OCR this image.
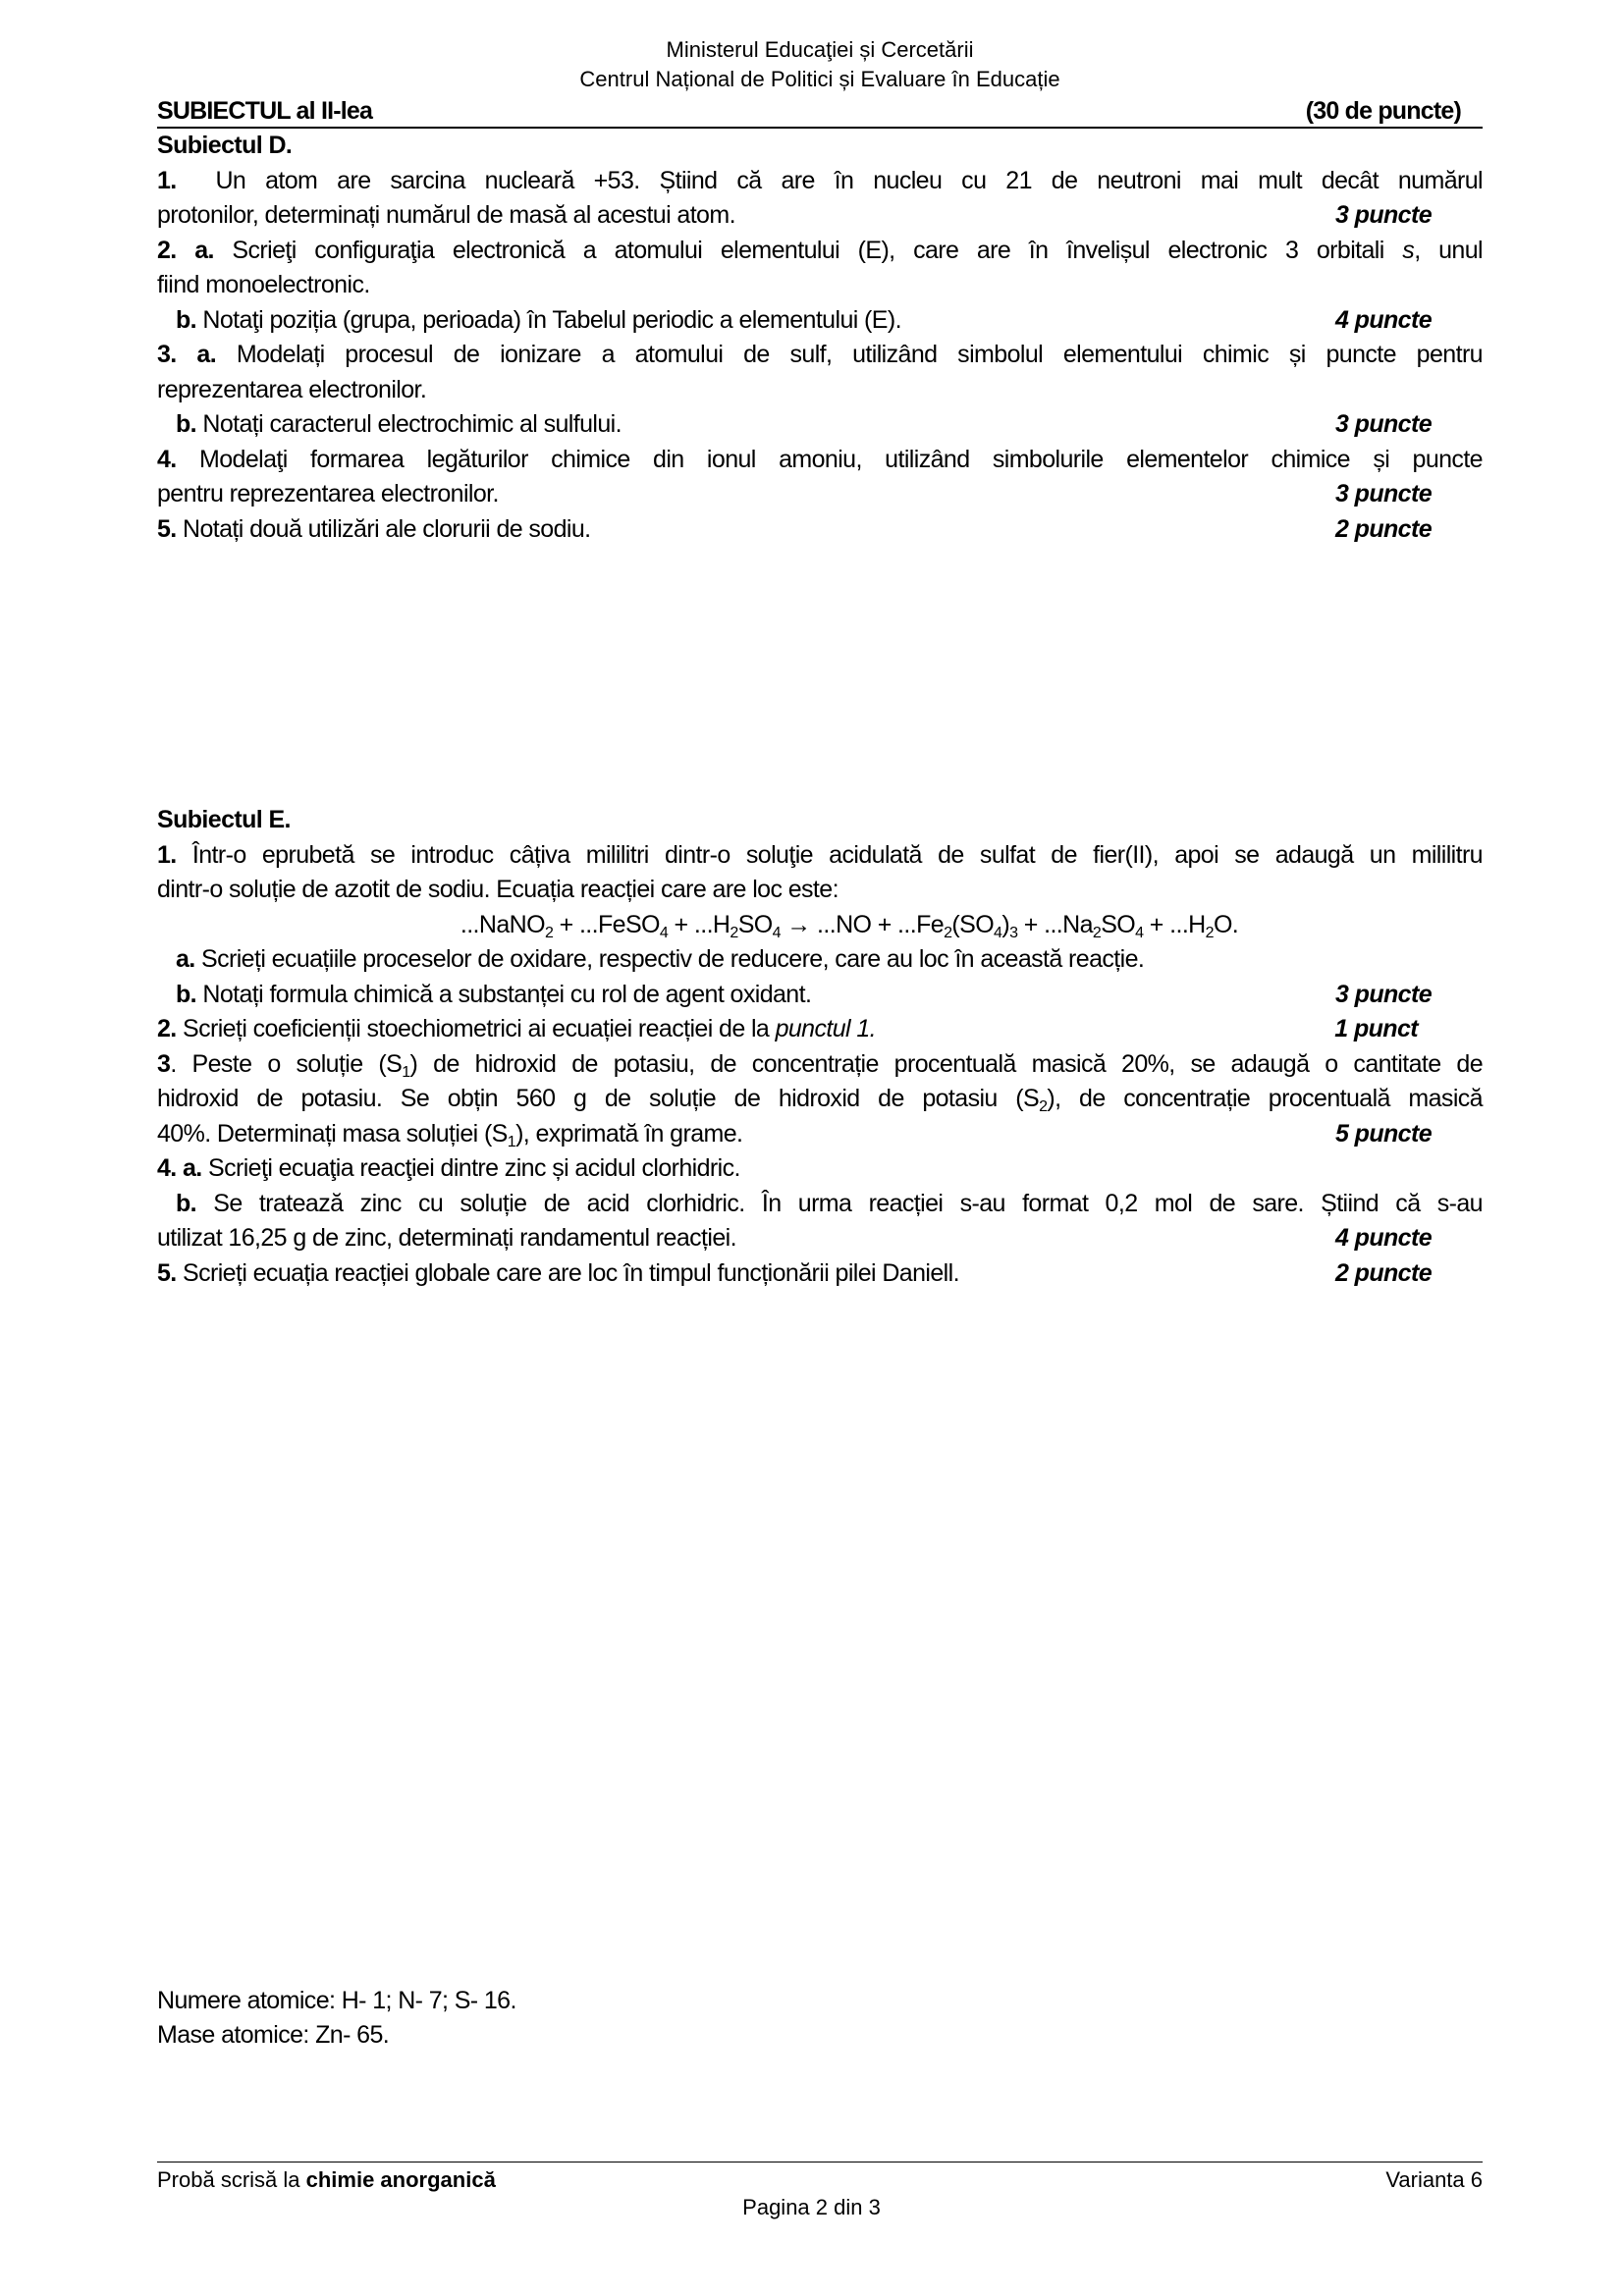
Ministerul Educaţiei și Cercetării
Centrul Național de Politici și Evaluare în Educație
SUBIECTUL al II-lea	(30 de puncte)

Subiectul D.

1. Un atom are sarcina nucleară +53. Știind că are în nucleu cu 21 de neutroni mai mult decât numărul

protonilor, determinați numărul de masă al acestui atom.	3 puncte

2. a. Scrieţi configuraţia electronică a atomului elementului (E), care are în învelișul electronic 3 orbitali s, unul

fiind monoelectronic.

b. Notaţi poziția (grupa, perioada) în Tabelul periodic a elementului (E).	4 puncte

3. a. Modelați procesul de ionizare a atomului de sulf, utilizând simbolul elementului chimic și puncte pentru

reprezentarea electronilor.

b. Notați caracterul electrochimic al sulfului.	3 puncte

4. Modelaţi formarea legăturilor chimice din ionul amoniu, utilizând simbolurile elementelor chimice și puncte

pentru reprezentarea electronilor.	3 puncte
5. Notați două utilizări ale clorurii de sodiu.	2 puncte

Subiectul E.

1. Într-o eprubetă se introduc câțiva mililitri dintr-o soluţie acidulată de sulfat de fier(II), apoi se adaugă un mililitru

dintr-o soluție de azotit de sodiu. Ecuația reacției care are loc este:

...NaNO$_2$ + ...FeSO$_4$ + $...H_2SO_4 \to ...NO + ...Fe_2(SO_4)_3 + ...Na_2SO_4 + ...H_2O$.

a. Scrieți ecuațiile proceselor de oxidare, respectiv de reducere, care au loc în această reacție.

b. Notați formula chimică a substanței cu rol de agent oxidant.	3 puncte
2. Scrieți coeficienții stoechiometrici ai ecuației reacției de la punctul 1.	1 punct

3. Peste o soluție $(S_1)$ de hidroxid de potasiu, de concentrație procentuală masică 20%, se adaugă o cantitate de

hidroxid de potasiu. Se obțin 560 g de soluție de hidroxid de potasiu $(S_2)$, de concentrație procentuală masică

40%. Determinați masa soluției $(S_1)$, exprimată în grame.	5 puncte

4. a. Scrieţi ecuaţia reacţiei dintre zinc și acidul clorhidric.

b. Se tratează zinc cu soluție de acid clorhidric. În urma reacției s-au format 0,2 mol de sare. Știind că s-au

utilizat 16,25 g de zinc, determinați randamentul reacției.	4 puncte
5. Scrieți ecuația reacției globale care are loc în timpul funcționării pilei Daniell.	2 puncte
Numere atomice: H- 1; N- 7; S- 16.
Mase atomice: Zn- 65.
Probă scrisă la chimie anorganică	Varianta 6
Pagina 2 din 3
